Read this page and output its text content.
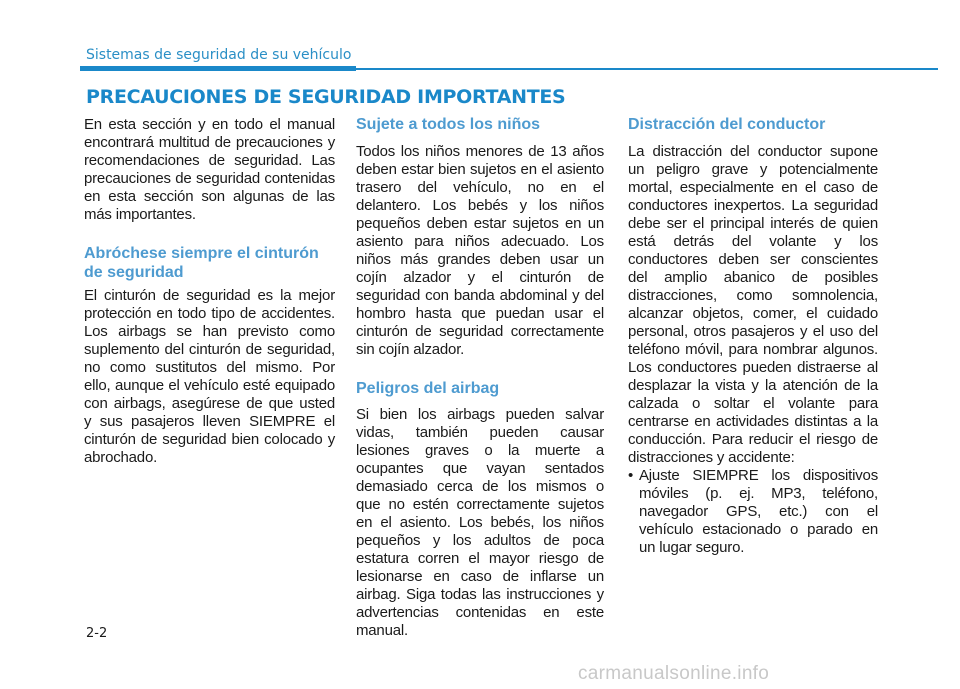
Sistemas de seguridad de su vehículo
PRECAUCIONES DE SEGURIDAD IMPORTANTES

En esta sección y en todo el manual encontrará multitud de precauciones y recomendaciones de seguridad. Las precauciones de seguridad contenidas en esta sección son algunas de las más importantes.

Abróchese siempre el cinturón de seguridad

El cinturón de seguridad es la mejor protección en todo tipo de accidentes. Los airbags se han previsto como suplemento del cinturón de seguridad, no como sustitutos del mismo. Por ello, aunque el vehículo esté equipado con airbags, asegúrese de que usted y sus pasajeros lleven SIEMPRE el cinturón de seguridad bien colocado y abrochado.

Sujete a todos los niños

Todos los niños menores de 13 años deben estar bien sujetos en el asiento trasero del vehículo, no en el delantero. Los bebés y los niños pequeños deben estar sujetos en un asiento para niños adecuado. Los niños más grandes deben usar un cojín alzador y el cinturón de seguridad con banda abdominal y del hombro hasta que puedan usar el cinturón de seguridad correctamente sin cojín alzador.

Peligros del airbag

Si bien los airbags pueden salvar vidas, también pueden causar lesiones graves o la muerte a ocupantes que vayan sentados demasiado cerca de los mismos o que no estén correctamente sujetos en el asiento. Los bebés, los niños pequeños y los adultos de poca estatura corren el mayor riesgo de lesionarse en caso de inflarse un airbag. Siga todas las instrucciones y advertencias contenidas en este manual.

Distracción del conductor

La distracción del conductor supone un peligro grave y potencialmente mortal, especialmente en el caso de conductores inexpertos. La seguridad debe ser el principal interés de quien está detrás del volante y los conductores deben ser conscientes del amplio abanico de posibles distracciones, como somnolencia, alcanzar objetos, comer, el cuidado personal, otros pasajeros y el uso del teléfono móvil, para nombrar algunos. Los conductores pueden distraerse al desplazar la vista y la atención de la calzada o soltar el volante para centrarse en actividades distintas a la conducción. Para reducir el riesgo de distracciones y accidente:

• Ajuste SIEMPRE los dispositivos móviles (p. ej. MP3, teléfono, navegador GPS, etc.) con el vehículo estacionado o parado en un lugar seguro.
2-2
carmanualsonline.info
